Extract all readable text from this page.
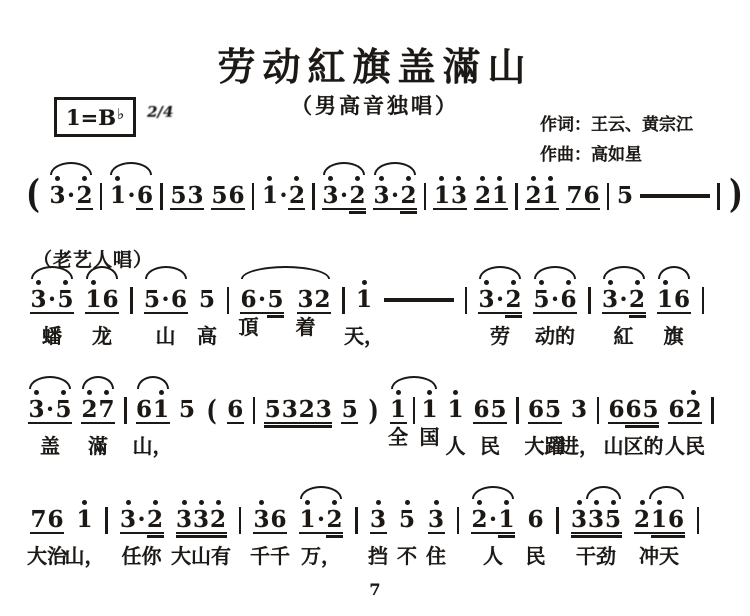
劳动紅旗盖滿山
（男高音独唱）
1=B♭	2/4
作词：王云、黄宗江
作曲：高如星
( 3 · 2 1 · 6 5 3 5 6 1 · 2 3 · 2 3 · 2 1 3 2 1 2 1 7 6 5	)
（老艺人唱）
3 · 5
蟠
1 6
龙
5 · 6
山
5
高
6
頂
· 5 3
着
2 1
天，
3 · 2
劳
5 · 6
动的
3 · 2
紅
1 6
旗
3 · 5
盖
2 7
滿
6 1
山，
5 ( 6 5 3 2 3 5 ) 1
全
1
国
1
人
6 5
民
6 5
大躍
3
进，
6 6 5
山区的
6 2
人民
7 6
大治
1
山，
3 · 2
任你
3 3 2
大山有
3 6
千千
1 · 2
万，
3
挡
5
不
3
住
2 · 1
人
6
民
3 3 5
干劲
2 1 6
冲天
7
